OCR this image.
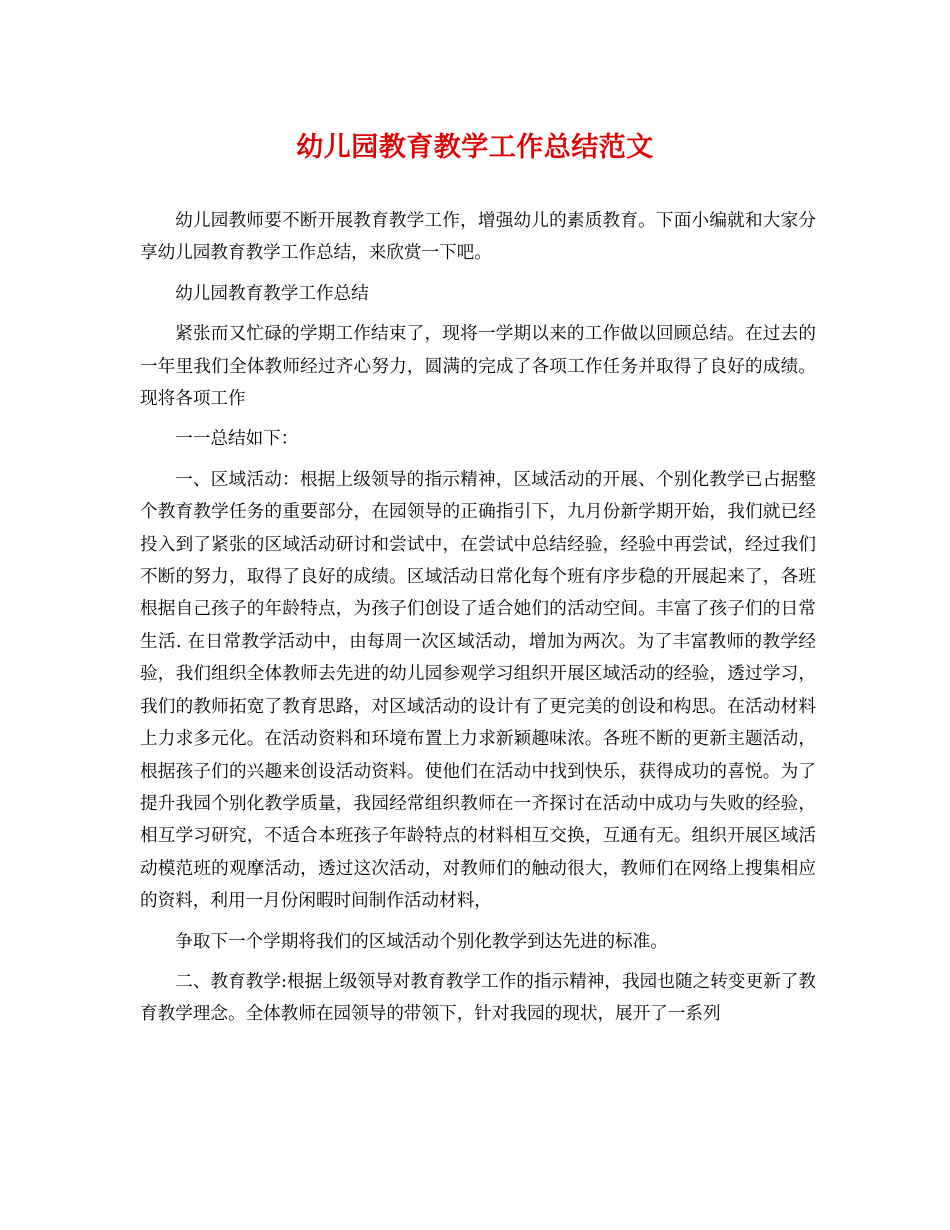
幼儿园教育教学工作总结范文

幼儿园教师要不断开展教育教学工作，增强幼儿的素质教育。下面小编就和大家分享幼儿园教育教学工作总结，来欣赏一下吧。

幼儿园教育教学工作总结

紧张而又忙碌的学期工作结束了，现将一学期以来的工作做以回顾总结。在过去的一年里我们全体教师经过齐心努力，圆满的完成了各项工作任务并取得了良好的成绩。现将各项工作

一一总结如下：

一、区域活动：根据上级领导的指示精神，区域活动的开展、个别化教学已占据整个教育教学任务的重要部分，在园领导的正确指引下，九月份新学期开始，我们就已经投入到了紧张的区域活动研讨和尝试中，在尝试中总结经验，经验中再尝试，经过我们不断的努力，取得了良好的成绩。区域活动日常化每个班有序步稳的开展起来了，各班根据自己孩子的年龄特点，为孩子们创设了适合她们的活动空间。丰富了孩子们的日常生活. 在日常教学活动中，由每周一次区域活动，增加为两次。为了丰富教师的教学经验，我们组织全体教师去先进的幼儿园参观学习组织开展区域活动的经验，透过学习，我们的教师拓宽了教育思路，对区域活动的设计有了更完美的创设和构思。在活动材料上力求多元化。在活动资料和环境布置上力求新颖趣味浓。各班不断的更新主题活动，根据孩子们的兴趣来创设活动资料。使他们在活动中找到快乐，获得成功的喜悦。为了提升我园个别化教学质量，我园经常组织教师在一齐探讨在活动中成功与失败的经验，相互学习研究，不适合本班孩子年龄特点的材料相互交换，互通有无。组织开展区域活动模范班的观摩活动，透过这次活动，对教师们的触动很大，教师们在网络上搜集相应的资料，利用一月份闲暇时间制作活动材料，

争取下一个学期将我们的区域活动个别化教学到达先进的标准。

二、教育教学:根据上级领导对教育教学工作的指示精神，我园也随之转变更新了教育教学理念。全体教师在园领导的带领下，针对我园的现状，展开了一系列
